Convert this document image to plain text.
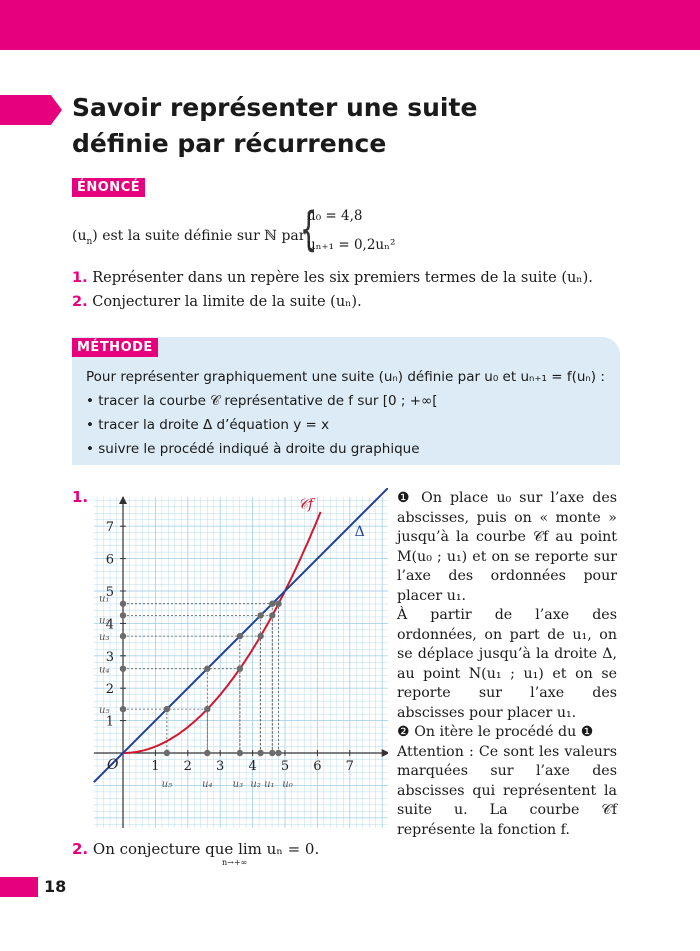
Savoir représenter une suite
définie par récurrence
ÉNONCÉ
$(u_n)$ est la suite définie sur ℕ par
{
u₀ = 4,8
uₙ₊₁ = 0,2uₙ²
1. Représenter dans un repère les six premiers termes de la suite (uₙ).
2. Conjecturer la limite de la suite (uₙ).
MÉTHODE
Pour représenter graphiquement une suite (uₙ) définie par u₀ et uₙ₊₁ = f(uₙ) :
• tracer la courbe 𝒞 représentative de f sur [0 ; +∞[
• tracer la droite Δ d’équation y = x
• suivre le procédé indiqué à droite du graphique
1.
1 2 3 4 5 6 7
1
2
3
4
5
6
7
O
𝒞f
Δ
u₀
u₁
u₂
u₃
u₄
u₅
u₁
u₂
u₃
u₄
u₅

❶ On place u₀ sur l’axe des abscisses, puis on « monte » jusqu’à la courbe 𝒞f au point M(u₀ ; u₁) et on se reporte sur l’axe des ordonnées pour placer u₁.

À partir de l’axe des ordonnées, on part de u₁, on se déplace jusqu’à la droite Δ, au point N(u₁ ; u₁) et on se reporte sur l’axe des abscisses pour placer u₁.

❷ On itère le procédé du ❶

Attention : Ce sont les valeurs marquées sur l’axe des abscisses qui représentent la suite u. La courbe 𝒞f représente la fonction f.

2. On conjecture que lim uₙ = 0.
n→+∞
18
